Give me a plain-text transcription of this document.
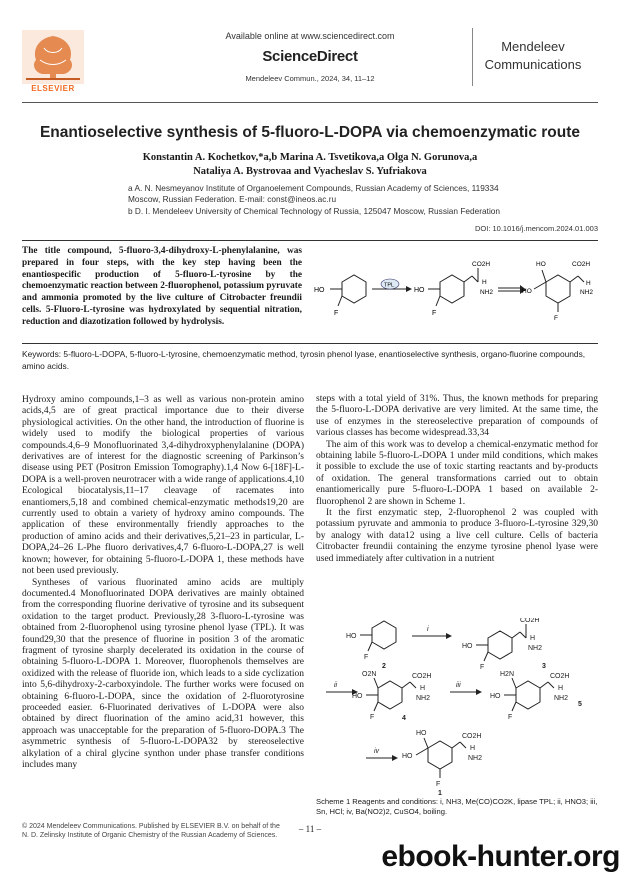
ELSEVIER
Available online at www.sciencedirect.com
ScienceDirect
Mendeleev Commun., 2024, 34, 11–12
Mendeleev
Communications
Enantioselective synthesis of 5-fluoro-L-DOPA via chemoenzymatic route
Konstantin A. Kochetkov,*a,b Marina A. Tsvetikova,a Olga N. Gorunova,a
Nataliya A. Bystrovaa and Vyacheslav S. Yufriakova
a A. N. Nesmeyanov Institute of Organoelement Compounds, Russian Academy of Sciences, 119334 Moscow, Russian Federation. E-mail: const@ineos.ac.ru
b D. I. Mendeleev University of Chemical Technology of Russia, 125047 Moscow, Russian Federation
DOI: 10.1016/j.mencom.2024.01.003
The title compound, 5-fluoro-3,4-dihydroxy-L-phenylalanine, was prepared in four steps, with the key step having been the enantiospecific production of 5-fluoro-L-tyrosine by the chemoenzymatic reaction between 2-fluorophenol, potassium pyruvate and ammonia promoted by the live culture of Citrobacter freundii cells. 5-Fluoro-L-tyrosine was hydroxylated by sequential nitration, reduction and diazotization followed by hydrolysis.
HO
F
TPL
HO
F
CO2H
H
NH2
HO
HO
F
CO2H
H
NH2
Keywords: 5-fluoro-L-DOPA, 5-fluoro-L-tyrosine, chemoenzymatic method, tyrosin phenol lyase, enantioselective synthesis, organo-fluorine compounds, amino acids.

Hydroxy amino compounds,1–3 as well as various non-protein amino acids,4,5 are of great practical importance due to their diverse physiological activities. On the other hand, the introduction of fluorine is widely used to modify the biological properties of various compounds.4,6–9 Monofluorinated 3,4-dihydroxyphenylalanine (DOPA) derivatives are of interest for the diagnostic screening of Parkinson’s disease using PET (Positron Emission Tomography).1,4 Now 6-[18F]-L-DOPA is a well-proven neurotracer with a wide range of applications.4,10 Ecological biocatalysis,11–17 cleavage of racemates into enantiomers,5,18 and combined chemical-enzymatic methods19,20 are currently used to obtain a variety of hydroxy amino compounds. The application of these environmentally friendly approaches to the production of amino acids and their derivatives,5,21–23 in particular, L-DOPA,24–26 L-Phe fluoro derivatives,4,7 6-fluoro-L-DOPA,27 is well known; however, for obtaining 5-fluoro-L-DOPA 1, these methods have not been used previously.

Syntheses of various fluorinated amino acids are multiply documented.4 Monofluorinated DOPA derivatives are mainly obtained from the corresponding fluorine derivative of tyrosine and its subsequent oxidation to the target product. Previously,28 3-fluoro-L-tyrosine was obtained from 2-fluorophenol using tyrosine phenol lyase (TPL). It was found29,30 that the presence of fluorine in position 3 of the aromatic fragment of tyrosine sharply decelerated its oxidation in the course of obtaining 5-fluoro-L-DOPA 1. Moreover, fluorophenols themselves are oxidized with the release of fluoride ion, which leads to a side cyclization into 5,6-dihydroxy-2-carboxyindole. The further works were focused on obtaining 6-fluoro-L-DOPA, since the oxidation of 2-fluorotyrosine proceeded easier. 6-Fluorinated derivatives of L-DOPA were also obtained by direct fluorination of the amino acid,31 however, this approach was unacceptable for the preparation of 5-fluoro-DOPA.3 The asymmetric synthesis of 5-fluoro-L-DOPA32 by stereoselective alkylation of a chiral glycine synthon under phase transfer conditions includes many

steps with a total yield of 31%. Thus, the known methods for preparing the 5-fluoro-L-DOPA derivative are very limited. At the same time, the use of enzymes in the stereoselective preparation of compounds of various classes has become widespread.33,34

The aim of this work was to develop a chemical-enzymatic method for obtaining labile 5-fluoro-L-DOPA 1 under mild conditions, which makes it possible to exclude the use of toxic starting reactants and by-products of oxidation. The general transformations carried out to obtain enantiomerically pure 5-fluoro-L-DOPA 1 based on available 2-fluorophenol 2 are shown in Scheme 1.

It the first enzymatic step, 2-fluorophenol 2 was coupled with potassium pyruvate and ammonia to produce 3-fluoro-L-tyrosine 329,30 by analogy with data12 using a live cell culture. Cells of bacteria Citrobacter freundii containing the enzyme tyrosine phenol lyase were used immediately after cultivation in a nutrient

HO
F
2
i
HO
F
CO2H
H
NH2
3
ii
O2N
HO
F
CO2H
H
NH2
4
iii
H2N
HO
F
CO2H
H
NH2
5
iv
HO
HO
F
CO2H
H
NH2
1
Scheme 1 Reagents and conditions: i, NH3, Me(CO)CO2K, lipase TPL; ii, HNO3; iii, Sn, HCl; iv, Ba(NO2)2, CuSO4, boiling.
© 2024 Mendeleev Communications. Published by ELSEVIER B.V. on behalf of the N. D. Zelinsky Institute of Organic Chemistry of the Russian Academy of Sciences.
– 11 –
ebook-hunter.org
